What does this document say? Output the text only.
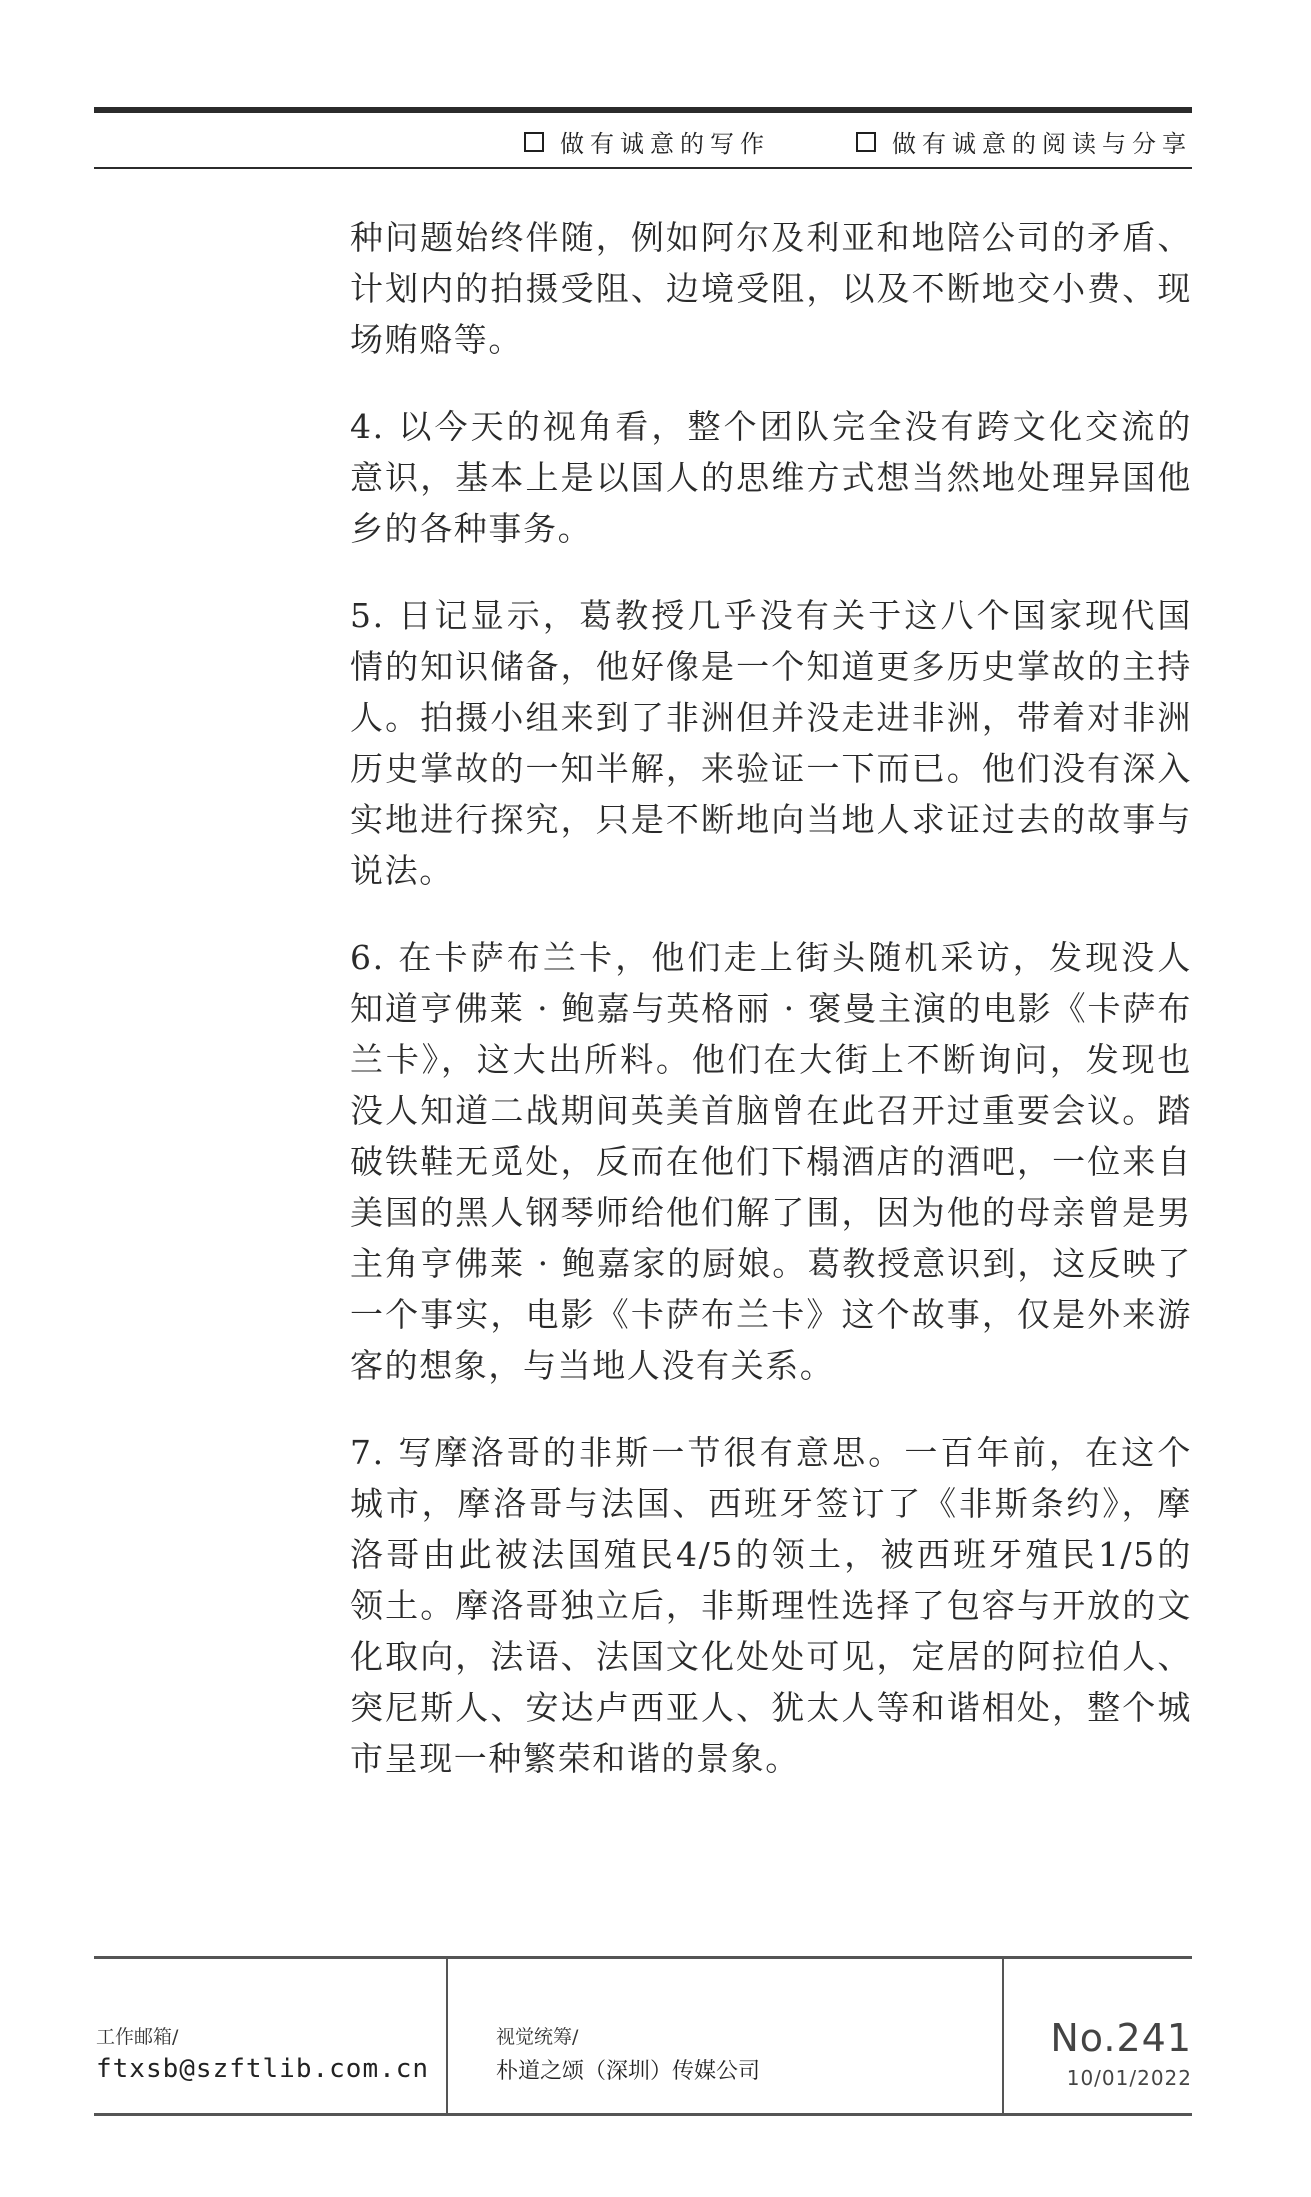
做有诚意的写作	做有诚意的阅读与分享

种问题始终伴随，例如阿尔及利亚和地陪公司的矛盾、计划内的拍摄受阻、边境受阻，以及不断地交小费、现场贿赂等。

4. 以今天的视角看，整个团队完全没有跨文化交流的意识，基本上是以国人的思维方式想当然地处理异国他乡的各种事务。

5. 日记显示，葛教授几乎没有关于这八个国家现代国情的知识储备，他好像是一个知道更多历史掌故的主持人。拍摄小组来到了非洲但并没走进非洲，带着对非洲历史掌故的一知半解，来验证一下而已。他们没有深入实地进行探究，只是不断地向当地人求证过去的故事与说法。

6. 在卡萨布兰卡，他们走上街头随机采访，发现没人知道亨佛莱 · 鲍嘉与英格丽 · 褒曼主演的电影《卡萨布兰卡》，这大出所料。他们在大街上不断询问，发现也没人知道二战期间英美首脑曾在此召开过重要会议。踏破铁鞋无觅处，反而在他们下榻酒店的酒吧，一位来自美国的黑人钢琴师给他们解了围，因为他的母亲曾是男主角亨佛莱 · 鲍嘉家的厨娘。葛教授意识到，这反映了一个事实，电影《卡萨布兰卡》这个故事，仅是外来游客的想象，与当地人没有关系。

7. 写摩洛哥的非斯一节很有意思。一百年前，在这个城市，摩洛哥与法国、西班牙签订了《非斯条约》，摩洛哥由此被法国殖民4/5的领土，被西班牙殖民1/5的领土。摩洛哥独立后，非斯理性选择了包容与开放的文化取向，法语、法国文化处处可见，定居的阿拉伯人、突尼斯人、安达卢西亚人、犹太人等和谐相处，整个城市呈现一种繁荣和谐的景象。

工作邮箱/
ftxsb@szftlib.com.cn
视觉统筹/
朴道之颂（深圳）传媒公司
No.241
10/01/2022
